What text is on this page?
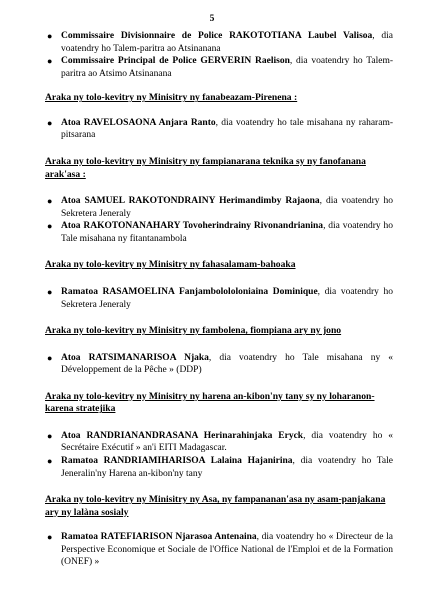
5
● Commissaire Divisionnaire de Police RAKOTOTIANA Laubel Valisoa, dia voatendry ho Talem-paritra ao Atsinanana
● Commissaire Principal de Police GERVERIN Raelison, dia voatendry ho Talem-paritra ao Atsimo Atsinanana

Araka ny tolo-kevitry ny Minisitry ny fanabeazam-Pirenena :

● Atoa RAVELOSAONA Anjara Ranto, dia voatendry ho tale misahana ny raharam-pitsarana

Araka ny tolo-kevitry ny Minisitry ny fampianarana teknika sy ny fanofanana arak'asa :

● Atoa SAMUEL RAKOTONDRAINY Herimandimby Rajaona, dia voatendry ho Sekretera Jeneraly
● Atoa RAKOTONANAHARY Tovoherindrainy Rivonandrianina, dia voatendry ho Tale misahana ny fitantanambola

Araka ny tolo-kevitry ny Minisitry ny fahasalamam-bahoaka

● Ramatoa RASAMOELINA Fanjambolololoniaina Dominique, dia voatendry ho Sekretera Jeneraly

Araka ny tolo-kevitry ny Minisitry ny fambolena, fiompiana ary ny jono

● Atoa RATSIMANARISOA Njaka, dia voatendry ho Tale misahana ny « Développement de la Pêche » (DDP)

Araka ny tolo-kevitry ny Minisitry ny harena an-kibon'ny tany sy ny loharanon-karena stratejika

● Atoa RANDRIANANDRASANA Herinarahinjaka Eryck, dia voatendry ho « Secrétaire Exécutif » an'i EITI Madagascar.
● Ramatoa RANDRIAMIHARISOA Lalaina Hajanirina, dia voatendry ho Tale Jeneralin'ny Harena an-kibon'ny tany

Araka ny tolo-kevitry ny Minisitry ny Asa, ny fampananan'asa ny asam-panjakana ary ny lalàna sosialy

● Ramatoa RATEFIARISON Njarasoa Antenaina, dia voatendry ho « Directeur de la Perspective Economique et Sociale de l'Office National de l'Emploi et de la Formation (ONEF) »
